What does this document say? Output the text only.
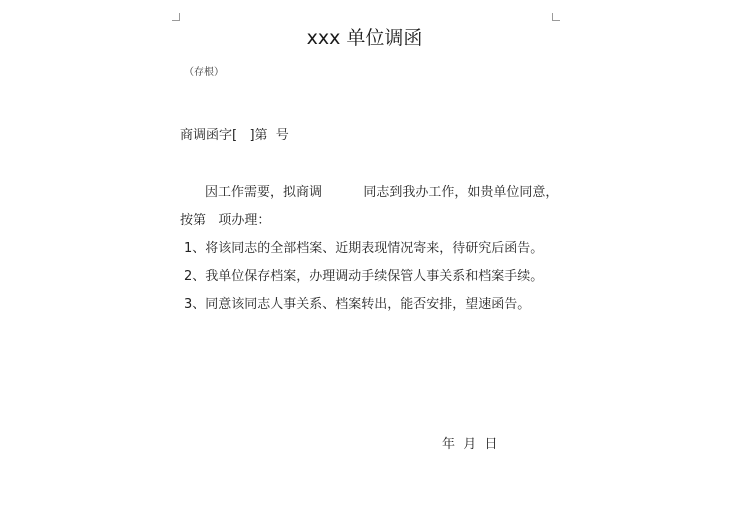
xxx 单位调函
（存根）
商调函字[   ]第  号
因工作需要，拟商调          同志到我办工作，如贵单位同意，
按第   项办理：
1、将该同志的全部档案、近期表现情况寄来，待研究后函告。
2、我单位保存档案，办理调动手续保管人事关系和档案手续。
3、同意该同志人事关系、档案转出，能否安排，望速函告。
年  月  日
